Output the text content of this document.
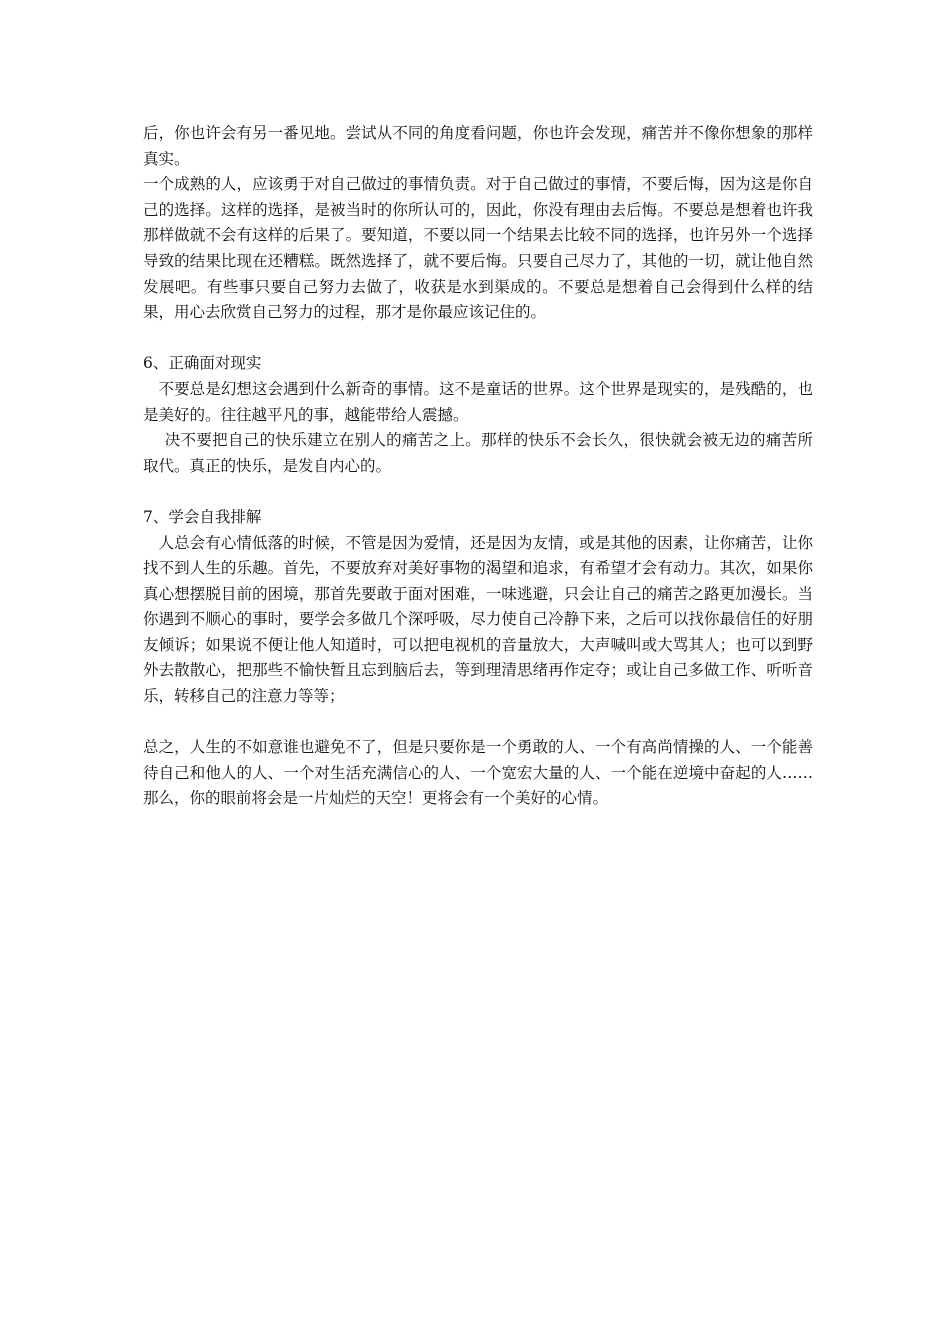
后，你也许会有另一番见地。尝试从不同的角度看问题，你也许会发现，痛苦并不像你想象的那样真实。

一个成熟的人，应该勇于对自己做过的事情负责。对于自己做过的事情，不要后悔，因为这是你自己的选择。这样的选择，是被当时的你所认可的，因此，你没有理由去后悔。不要总是想着也许我那样做就不会有这样的后果了。要知道，不要以同一个结果去比较不同的选择，也许另外一个选择导致的结果比现在还糟糕。既然选择了，就不要后悔。只要自己尽力了，其他的一切，就让他自然发展吧。有些事只要自己努力去做了，收获是水到渠成的。不要总是想着自己会得到什么样的结果，用心去欣赏自己努力的过程，那才是你最应该记住的。

6、正确面对现实

不要总是幻想这会遇到什么新奇的事情。这不是童话的世界。这个世界是现实的，是残酷的，也是美好的。往往越平凡的事，越能带给人震撼。

决不要把自己的快乐建立在别人的痛苦之上。那样的快乐不会长久，很快就会被无边的痛苦所取代。真正的快乐，是发自内心的。

7、学会自我排解

人总会有心情低落的时候，不管是因为爱情，还是因为友情，或是其他的因素，让你痛苦，让你找不到人生的乐趣。首先，不要放弃对美好事物的渴望和追求，有希望才会有动力。其次，如果你真心想摆脱目前的困境，那首先要敢于面对困难，一味逃避，只会让自己的痛苦之路更加漫长。当你遇到不顺心的事时，要学会多做几个深呼吸，尽力使自己冷静下来，之后可以找你最信任的好朋友倾诉；如果说不便让他人知道时，可以把电视机的音量放大，大声喊叫或大骂其人；也可以到野外去散散心，把那些不愉快暂且忘到脑后去，等到理清思绪再作定夺；或让自己多做工作、听听音乐，转移自己的注意力等等；

总之，人生的不如意谁也避免不了，但是只要你是一个勇敢的人、一个有高尚情操的人、一个能善待自己和他人的人、一个对生活充满信心的人、一个宽宏大量的人、一个能在逆境中奋起的人……那么，你的眼前将会是一片灿烂的天空！更将会有一个美好的心情。
